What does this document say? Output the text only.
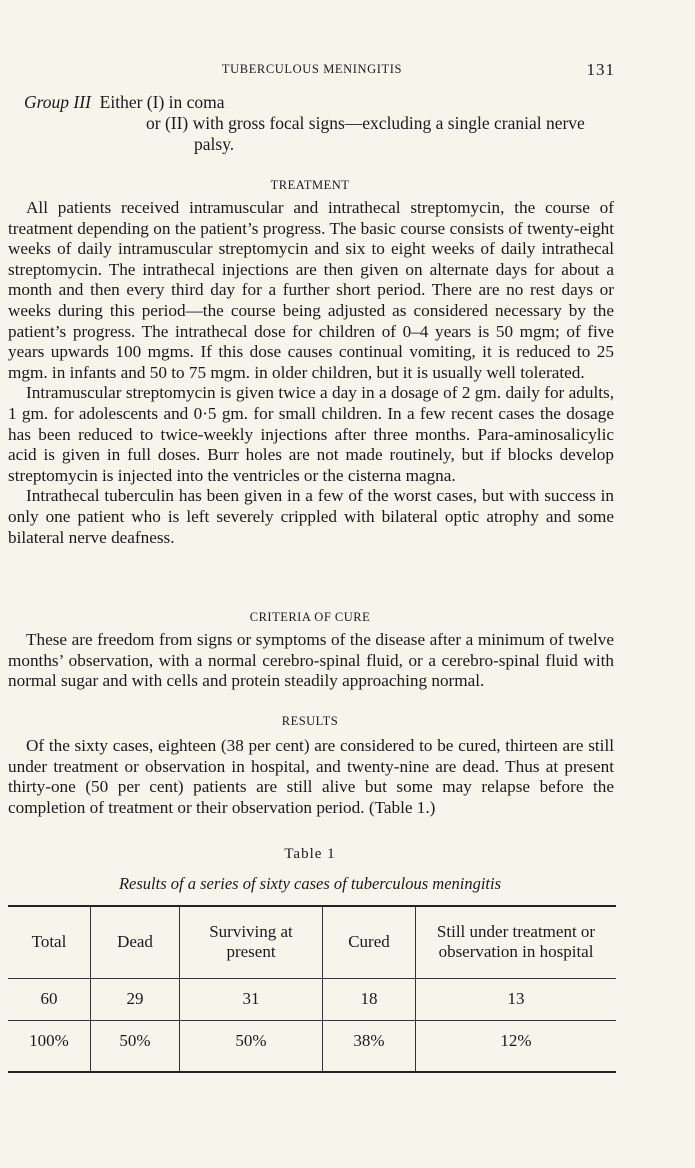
TUBERCULOUS MENINGITIS	131
Group III Either (I) in coma
or (II) with gross focal signs—excluding a single cranial nerve
palsy.
TREATMENT

All patients received intramuscular and intrathecal streptomycin, the course of treatment depending on the patient’s progress. The basic course consists of twenty-eight weeks of daily intramuscular streptomycin and six to eight weeks of daily intrathecal streptomycin. The intrathecal injections are then given on alternate days for about a month and then every third day for a further short period. There are no rest days or weeks during this period—the course being adjusted as considered necessary by the patient’s progress. The intrathecal dose for children of 0–4 years is 50 mgm; of five years upwards 100 mgms. If this dose causes continual vomiting, it is reduced to 25 mgm. in infants and 50 to 75 mgm. in older children, but it is usually well tolerated.

Intramuscular streptomycin is given twice a day in a dosage of 2 gm. daily for adults, 1 gm. for adolescents and 0·5 gm. for small children. In a few recent cases the dosage has been reduced to twice-weekly injections after three months. Para-aminosalicylic acid is given in full doses. Burr holes are not made routinely, but if blocks develop streptomycin is injected into the ventricles or the cisterna magna.

Intrathecal tuberculin has been given in a few of the worst cases, but with success in only one patient who is left severely crippled with bilateral optic atrophy and some bilateral nerve deafness.

CRITERIA OF CURE

These are freedom from signs or symptoms of the disease after a minimum of twelve months’ observation, with a normal cerebro-spinal fluid, or a cerebro-spinal fluid with normal sugar and with cells and protein steadily approaching normal.

RESULTS

Of the sixty cases, eighteen (38 per cent) are considered to be cured, thirteen are still under treatment or observation in hospital, and twenty-nine are dead. Thus at present thirty-one (50 per cent) patients are still alive but some may relapse before the completion of treatment or their observation period. (Table 1.)

Table 1
Results of a series of sixty cases of tuberculous meningitis
Total	Dead	Surviving at present	Cured	Still under treatment or observation in hospital
60	29	31	18	13
100%	50%	50%	38%	12%
